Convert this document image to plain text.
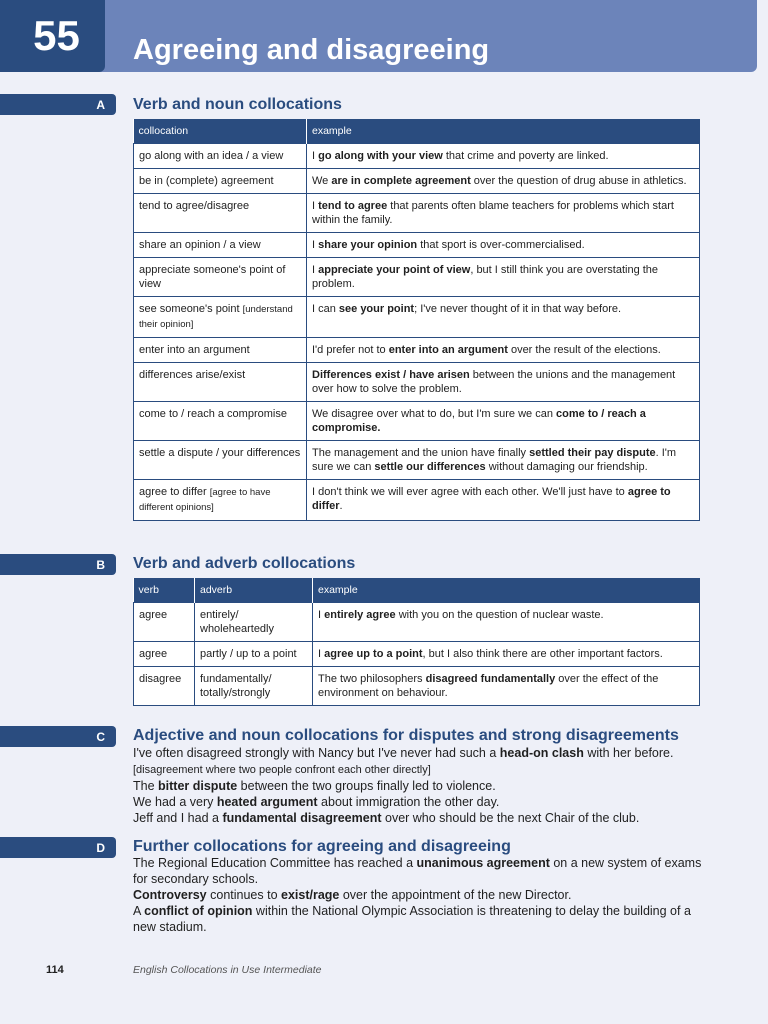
55	Agreeing and disagreeing
A	Verb and noun collocations
collocation	example
go along with an idea / a view	I go along with your view that crime and poverty are linked.
be in (complete) agreement	We are in complete agreement over the question of drug abuse in athletics.
tend to agree/disagree	I tend to agree that parents often blame teachers for problems which start within the family.
share an opinion / a view	I share your opinion that sport is over-commercialised.
appreciate someone's point of view	I appreciate your point of view, but I still think you are overstating the problem.
see someone's point [understand their opinion]	I can see your point; I've never thought of it in that way before.
enter into an argument	I'd prefer not to enter into an argument over the result of the elections.
differences arise/exist	Differences exist / have arisen between the unions and the management over how to solve the problem.
come to / reach a compromise	We disagree over what to do, but I'm sure we can come to / reach a compromise.
settle a dispute / your differences	The management and the union have finally settled their pay dispute. I'm sure we can settle our differences without damaging our friendship.
agree to differ [agree to have different opinions]	I don't think we will ever agree with each other. We'll just have to agree to differ.
B	Verb and adverb collocations
verb	adverb	example
agree	entirely/ wholeheartedly	I entirely agree with you on the question of nuclear waste.
agree	partly / up to a point	I agree up to a point, but I also think there are other important factors.
disagree	fundamentally/ totally/strongly	The two philosophers disagreed fundamentally over the effect of the environment on behaviour.
C	Adjective and noun collocations for disputes and strong disagreements

I've often disagreed strongly with Nancy but I've never had such a head-on clash with her before.

[disagreement where two people confront each other directly]

The bitter dispute between the two groups finally led to violence.

We had a very heated argument about immigration the other day.

Jeff and I had a fundamental disagreement over who should be the next Chair of the club.

D	Further collocations for agreeing and disagreeing

The Regional Education Committee has reached a unanimous agreement on a new system of exams for secondary schools.

Controversy continues to exist/rage over the appointment of the new Director.

A conflict of opinion within the National Olympic Association is threatening to delay the building of a new stadium.

114	English Collocations in Use Intermediate
